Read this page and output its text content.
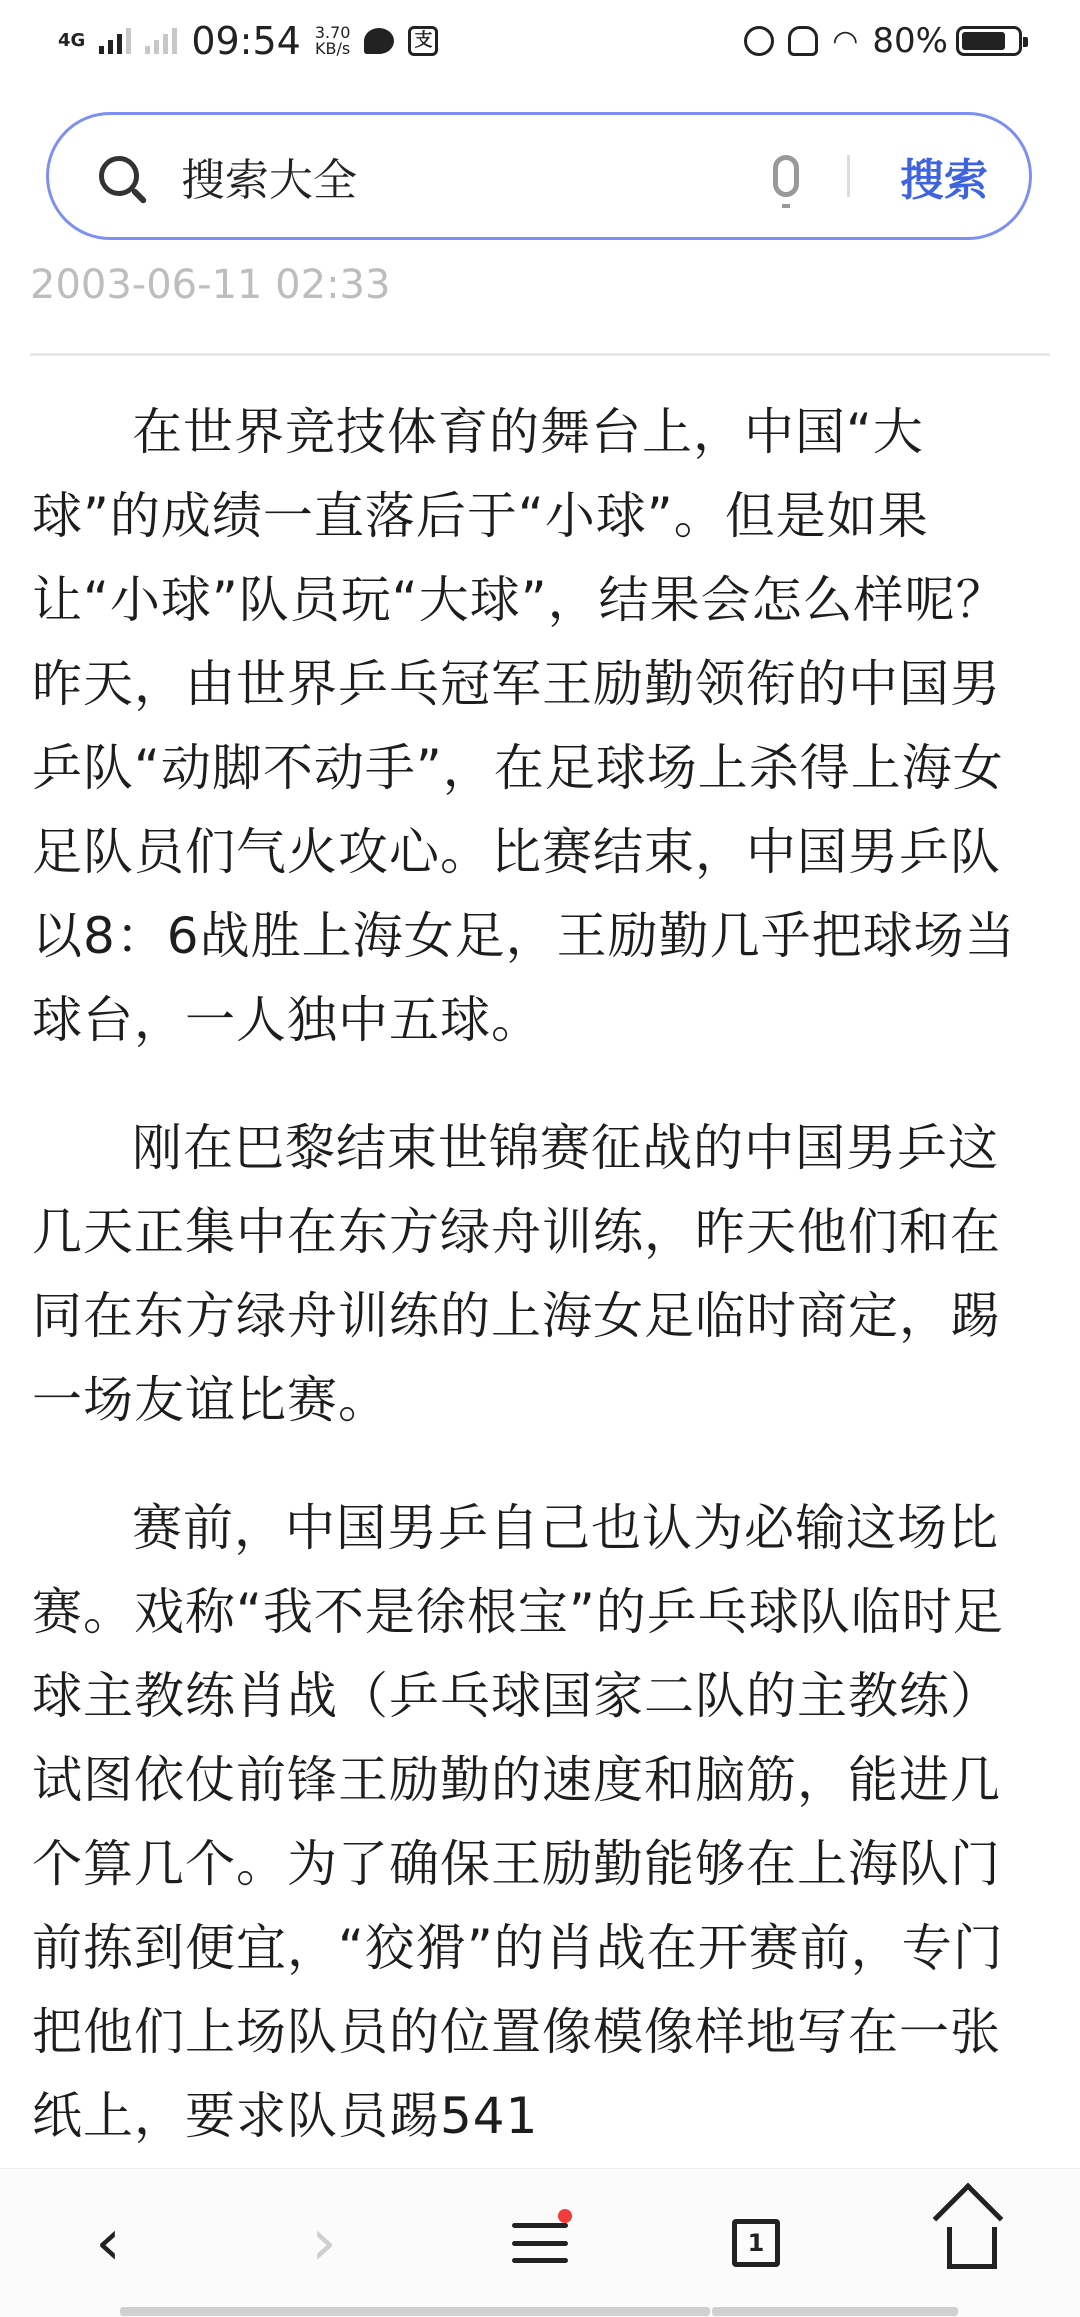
4G	09:54 3.70
KB/s	支	◠ 80%
搜索大全
搜索
2003-06-11 02:33

在世界竞技体育的舞台上，中国“大球”的成绩一直落后于“小球”。但是如果让“小球”队员玩“大球”，结果会怎么样呢？昨天，由世界乒乓冠军王励勤领衔的中国男乒队“动脚不动手”，在足球场上杀得上海女足队员们气火攻心。比赛结束，中国男乒队以8：6战胜上海女足，王励勤几乎把球场当球台，一人独中五球。

刚在巴黎结束世锦赛征战的中国男乒这几天正集中在东方绿舟训练，昨天他们和在同在东方绿舟训练的上海女足临时商定，踢一场友谊比赛。

赛前，中国男乒自己也认为必输这场比赛。戏称“我不是徐根宝”的乒乓球队临时足球主教练肖战（乒乓球国家二队的主教练）试图依仗前锋王励勤的速度和脑筋，能进几个算几个。为了确保王励勤能够在上海队门前拣到便宜，“狡猾”的肖战在开赛前，专门把他们上场队员的位置像模像样地写在一张纸上，要求队员踢541

‹	›	1
